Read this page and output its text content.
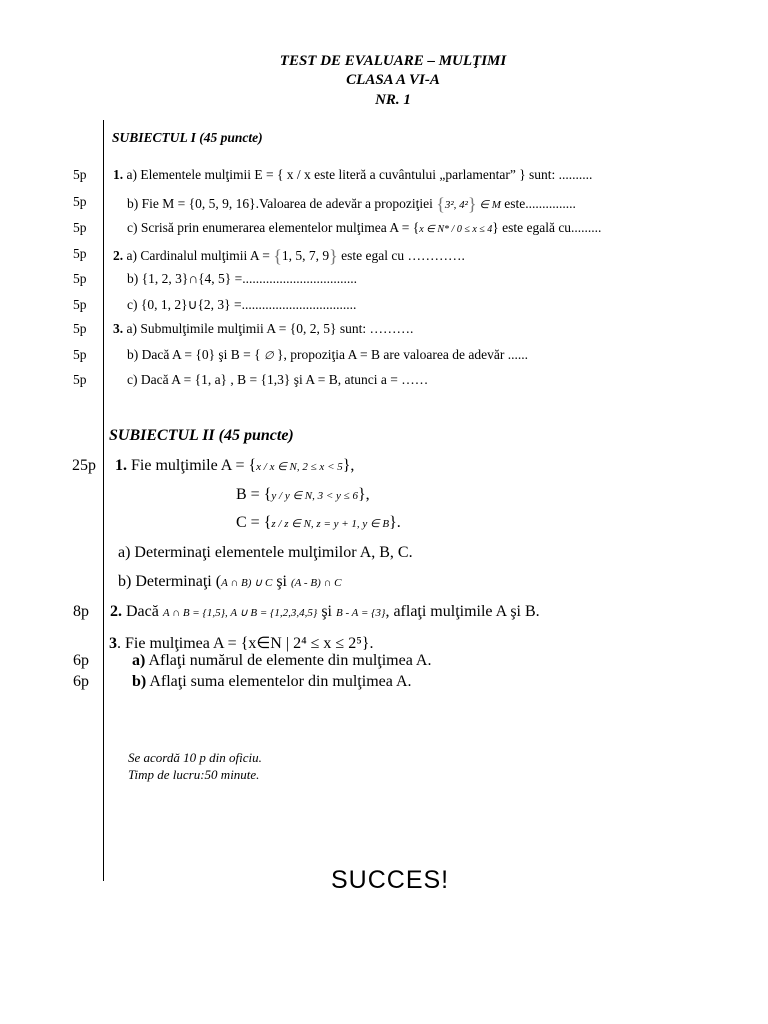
TEST DE EVALUARE – MULŢIMI
CLASA A VI-A
NR. 1
SUBIECTUL I (45 puncte)
5p 1. a) Elementele mulţimii E = { x / x este literă a cuvântului „parlamentar” } sunt: ..........
5p	b) Fie M = {0, 5, 9, 16}.Valoarea de adevăr a propoziţiei {3², 4²} ∈ M este...............
5p	c) Scrisă prin enumerarea elementelor mulţimea A = {x ∈ N* / 0 ≤ x ≤ 4} este egală cu.........
5p 2. a) Cardinalul mulţimii A = {1, 5, 7, 9} este egal cu ………….
5p	b) {1, 2, 3}∩{4, 5} =..................................
5p	c) {0, 1, 2}∪{2, 3} =..................................
5p 3. a) Submulţimile mulţimii A = {0, 2, 5} sunt: ……….
5p	b) Dacă A = {0} şi B = { ∅ }, propoziţia A = B are valoarea de adevăr ......
5p	c) Dacă A = {1, a} , B = {1,3} şi A = B, atunci a = ……
SUBIECTUL II (45 puncte)
25p 1. Fie mulţimile A = {x / x ∈ N, 2 ≤ x < 5},
B = {y / y ∈ N, 3 < y ≤ 6},
C = {z / z ∈ N, z = y + 1, y ∈ B}.
a) Determinaţi elementele mulţimilor A, B, C.
b) Determinaţi (A ∩ B) ∪ C şi (A - B) ∩ C
8p 2. Dacă A ∩ B = {1,5}, A ∪ B = {1,2,3,4,5} şi B - A = {3}, aflaţi mulţimile A şi B.
3. Fie mulţimea A = {x∈N | 2⁴ ≤ x ≤ 2⁵}.
6p	a) Aflaţi numărul de elemente din mulţimea A.
6p	b) Aflaţi suma elementelor din mulţimea A.
Se acordă 10 p din oficiu.
Timp de lucru:50 minute.
SUCCES!
